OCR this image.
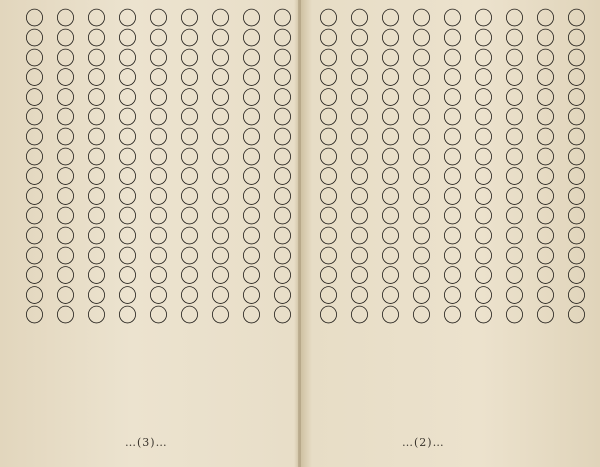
〇〇〇〇〇〇〇〇〇〇〇〇〇〇〇〇
〇〇〇〇〇〇〇〇〇〇〇〇〇〇〇〇
〇〇〇〇〇〇〇〇〇〇〇〇〇〇〇〇
〇〇〇〇〇〇〇〇〇〇〇〇〇〇〇〇
〇〇〇〇〇〇〇〇〇〇〇〇〇〇〇〇
〇〇〇〇〇〇〇〇〇〇〇〇〇〇〇〇
〇〇〇〇〇〇〇〇〇〇〇〇〇〇〇〇
〇〇〇〇〇〇〇〇〇〇〇〇〇〇〇〇
〇〇〇〇〇〇〇〇〇〇〇〇〇〇〇〇	〇〇〇〇〇〇〇〇〇〇〇〇〇〇〇〇
〇〇〇〇〇〇〇〇〇〇〇〇〇〇〇〇
〇〇〇〇〇〇〇〇〇〇〇〇〇〇〇〇
〇〇〇〇〇〇〇〇〇〇〇〇〇〇〇〇
〇〇〇〇〇〇〇〇〇〇〇〇〇〇〇〇
〇〇〇〇〇〇〇〇〇〇〇〇〇〇〇〇
〇〇〇〇〇〇〇〇〇〇〇〇〇〇〇〇
〇〇〇〇〇〇〇〇〇〇〇〇〇〇〇〇
〇〇〇〇〇〇〇〇〇〇〇〇〇〇〇〇
…(3)…	…(2)…
